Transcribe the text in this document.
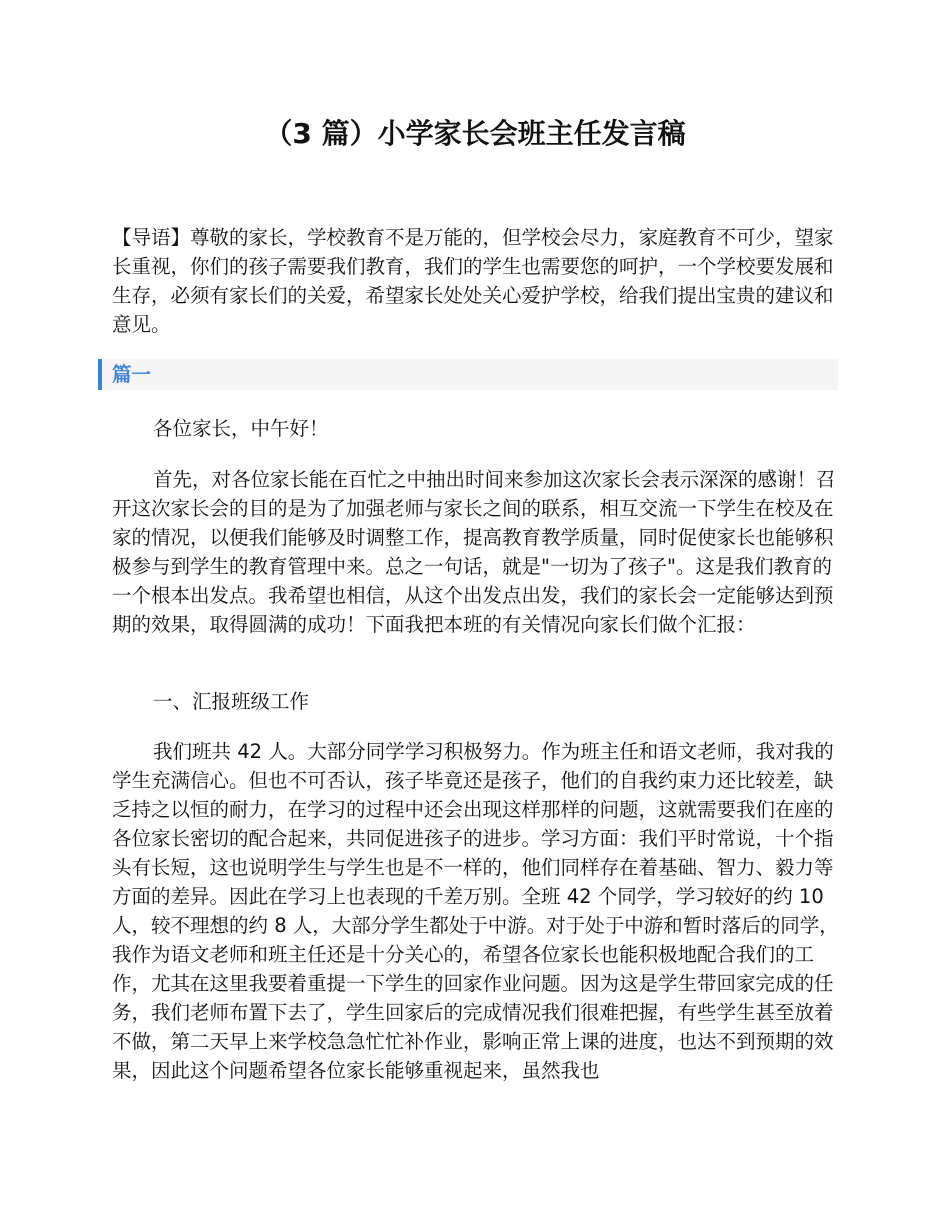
（3 篇）小学家长会班主任发言稿

【导语】尊敬的家长，学校教育不是万能的，但学校会尽力，家庭教育不可少，望家长重视，你们的孩子需要我们教育，我们的学生也需要您的呵护，一个学校要发展和生存，必须有家长们的关爱，希望家长处处关心爱护学校，给我们提出宝贵的建议和意见。

篇一

各位家长，中午好！

首先，对各位家长能在百忙之中抽出时间来参加这次家长会表示深深的感谢！召开这次家长会的目的是为了加强老师与家长之间的联系，相互交流一下学生在校及在家的情况，以便我们能够及时调整工作，提高教育教学质量，同时促使家长也能够积极参与到学生的教育管理中来。总之一句话，就是"一切为了孩子"。这是我们教育的一个根本出发点。我希望也相信，从这个出发点出发，我们的家长会一定能够达到预期的效果，取得圆满的成功！下面我把本班的有关情况向家长们做个汇报：

一、汇报班级工作

我们班共 42 人。大部分同学学习积极努力。作为班主任和语文老师，我对我的学生充满信心。但也不可否认，孩子毕竟还是孩子，他们的自我约束力还比较差，缺乏持之以恒的耐力，在学习的过程中还会出现这样那样的问题，这就需要我们在座的各位家长密切的配合起来，共同促进孩子的进步。学习方面：我们平时常说，十个指头有长短，这也说明学生与学生也是不一样的，他们同样存在着基础、智力、毅力等方面的差异。因此在学习上也表现的千差万别。全班 42 个同学，学习较好的约 10 人，较不理想的约 8 人，大部分学生都处于中游。对于处于中游和暂时落后的同学，我作为语文老师和班主任还是十分关心的，希望各位家长也能积极地配合我们的工作，尤其在这里我要着重提一下学生的回家作业问题。因为这是学生带回家完成的任务，我们老师布置下去了，学生回家后的完成情况我们很难把握，有些学生甚至放着不做，第二天早上来学校急急忙忙补作业，影响正常上课的进度，也达不到预期的效果，因此这个问题希望各位家长能够重视起来，虽然我也
